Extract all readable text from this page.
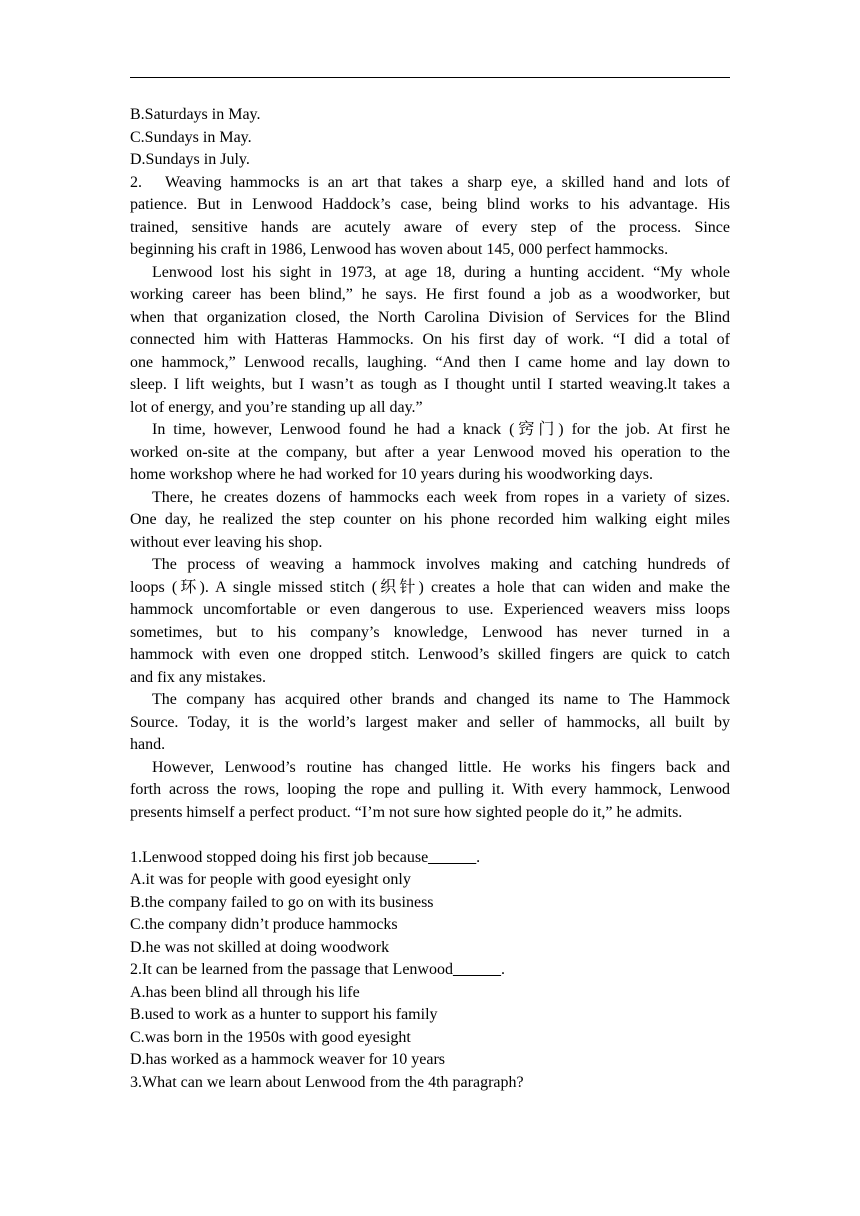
B.Saturdays in May.
C.Sundays in May.
D.Sundays in July.
2. Weaving hammocks is an art that takes a sharp eye, a skilled hand and lots of
patience. But in Lenwood Haddock’s case, being blind works to his advantage. His
trained, sensitive hands are acutely aware of every step of the process. Since
beginning his craft in 1986, Lenwood has woven about 145, 000 perfect hammocks.
Lenwood lost his sight in 1973, at age 18, during a hunting accident. “My whole
working career has been blind,” he says. He first found a job as a woodworker, but
when that organization closed, the North Carolina Division of Services for the Blind
connected him with Hatteras Hammocks. On his first day of work. “I did a total of
one hammock,” Lenwood recalls, laughing. “And then I came home and lay down to
sleep. I lift weights, but I wasn’t as tough as I thought until I started weaving.lt takes a
lot of energy, and you’re standing up all day.”
In time, however, Lenwood found he had a knack (窍门) for the job. At first he
worked on-site at the company, but after a year Lenwood moved his operation to the
home workshop where he had worked for 10 years during his woodworking days.
There, he creates dozens of hammocks each week from ropes in a variety of sizes.
One day, he realized the step counter on his phone recorded him walking eight miles
without ever leaving his shop.
The process of weaving a hammock involves making and catching hundreds of
loops (环). A single missed stitch (织针) creates a hole that can widen and make the
hammock uncomfortable or even dangerous to use. Experienced weavers miss loops
sometimes, but to his company’s knowledge, Lenwood has never turned in a
hammock with even one dropped stitch. Lenwood’s skilled fingers are quick to catch
and fix any mistakes.
The company has acquired other brands and changed its name to The Hammock
Source. Today, it is the world’s largest maker and seller of hammocks, all built by
hand.
However, Lenwood’s routine has changed little. He works his fingers back and
forth across the rows, looping the rope and pulling it. With every hammock, Lenwood
presents himself a perfect product. “I’m not sure how sighted people do it,” he admits.
1.Lenwood stopped doing his first job because______.
A.it was for people with good eyesight only
B.the company failed to go on with its business
C.the company didn’t produce hammocks
D.he was not skilled at doing woodwork
2.It can be learned from the passage that Lenwood______.
A.has been blind all through his life
B.used to work as a hunter to support his family
C.was born in the 1950s with good eyesight
D.has worked as a hammock weaver for 10 years
3.What can we learn about Lenwood from the 4th paragraph?
